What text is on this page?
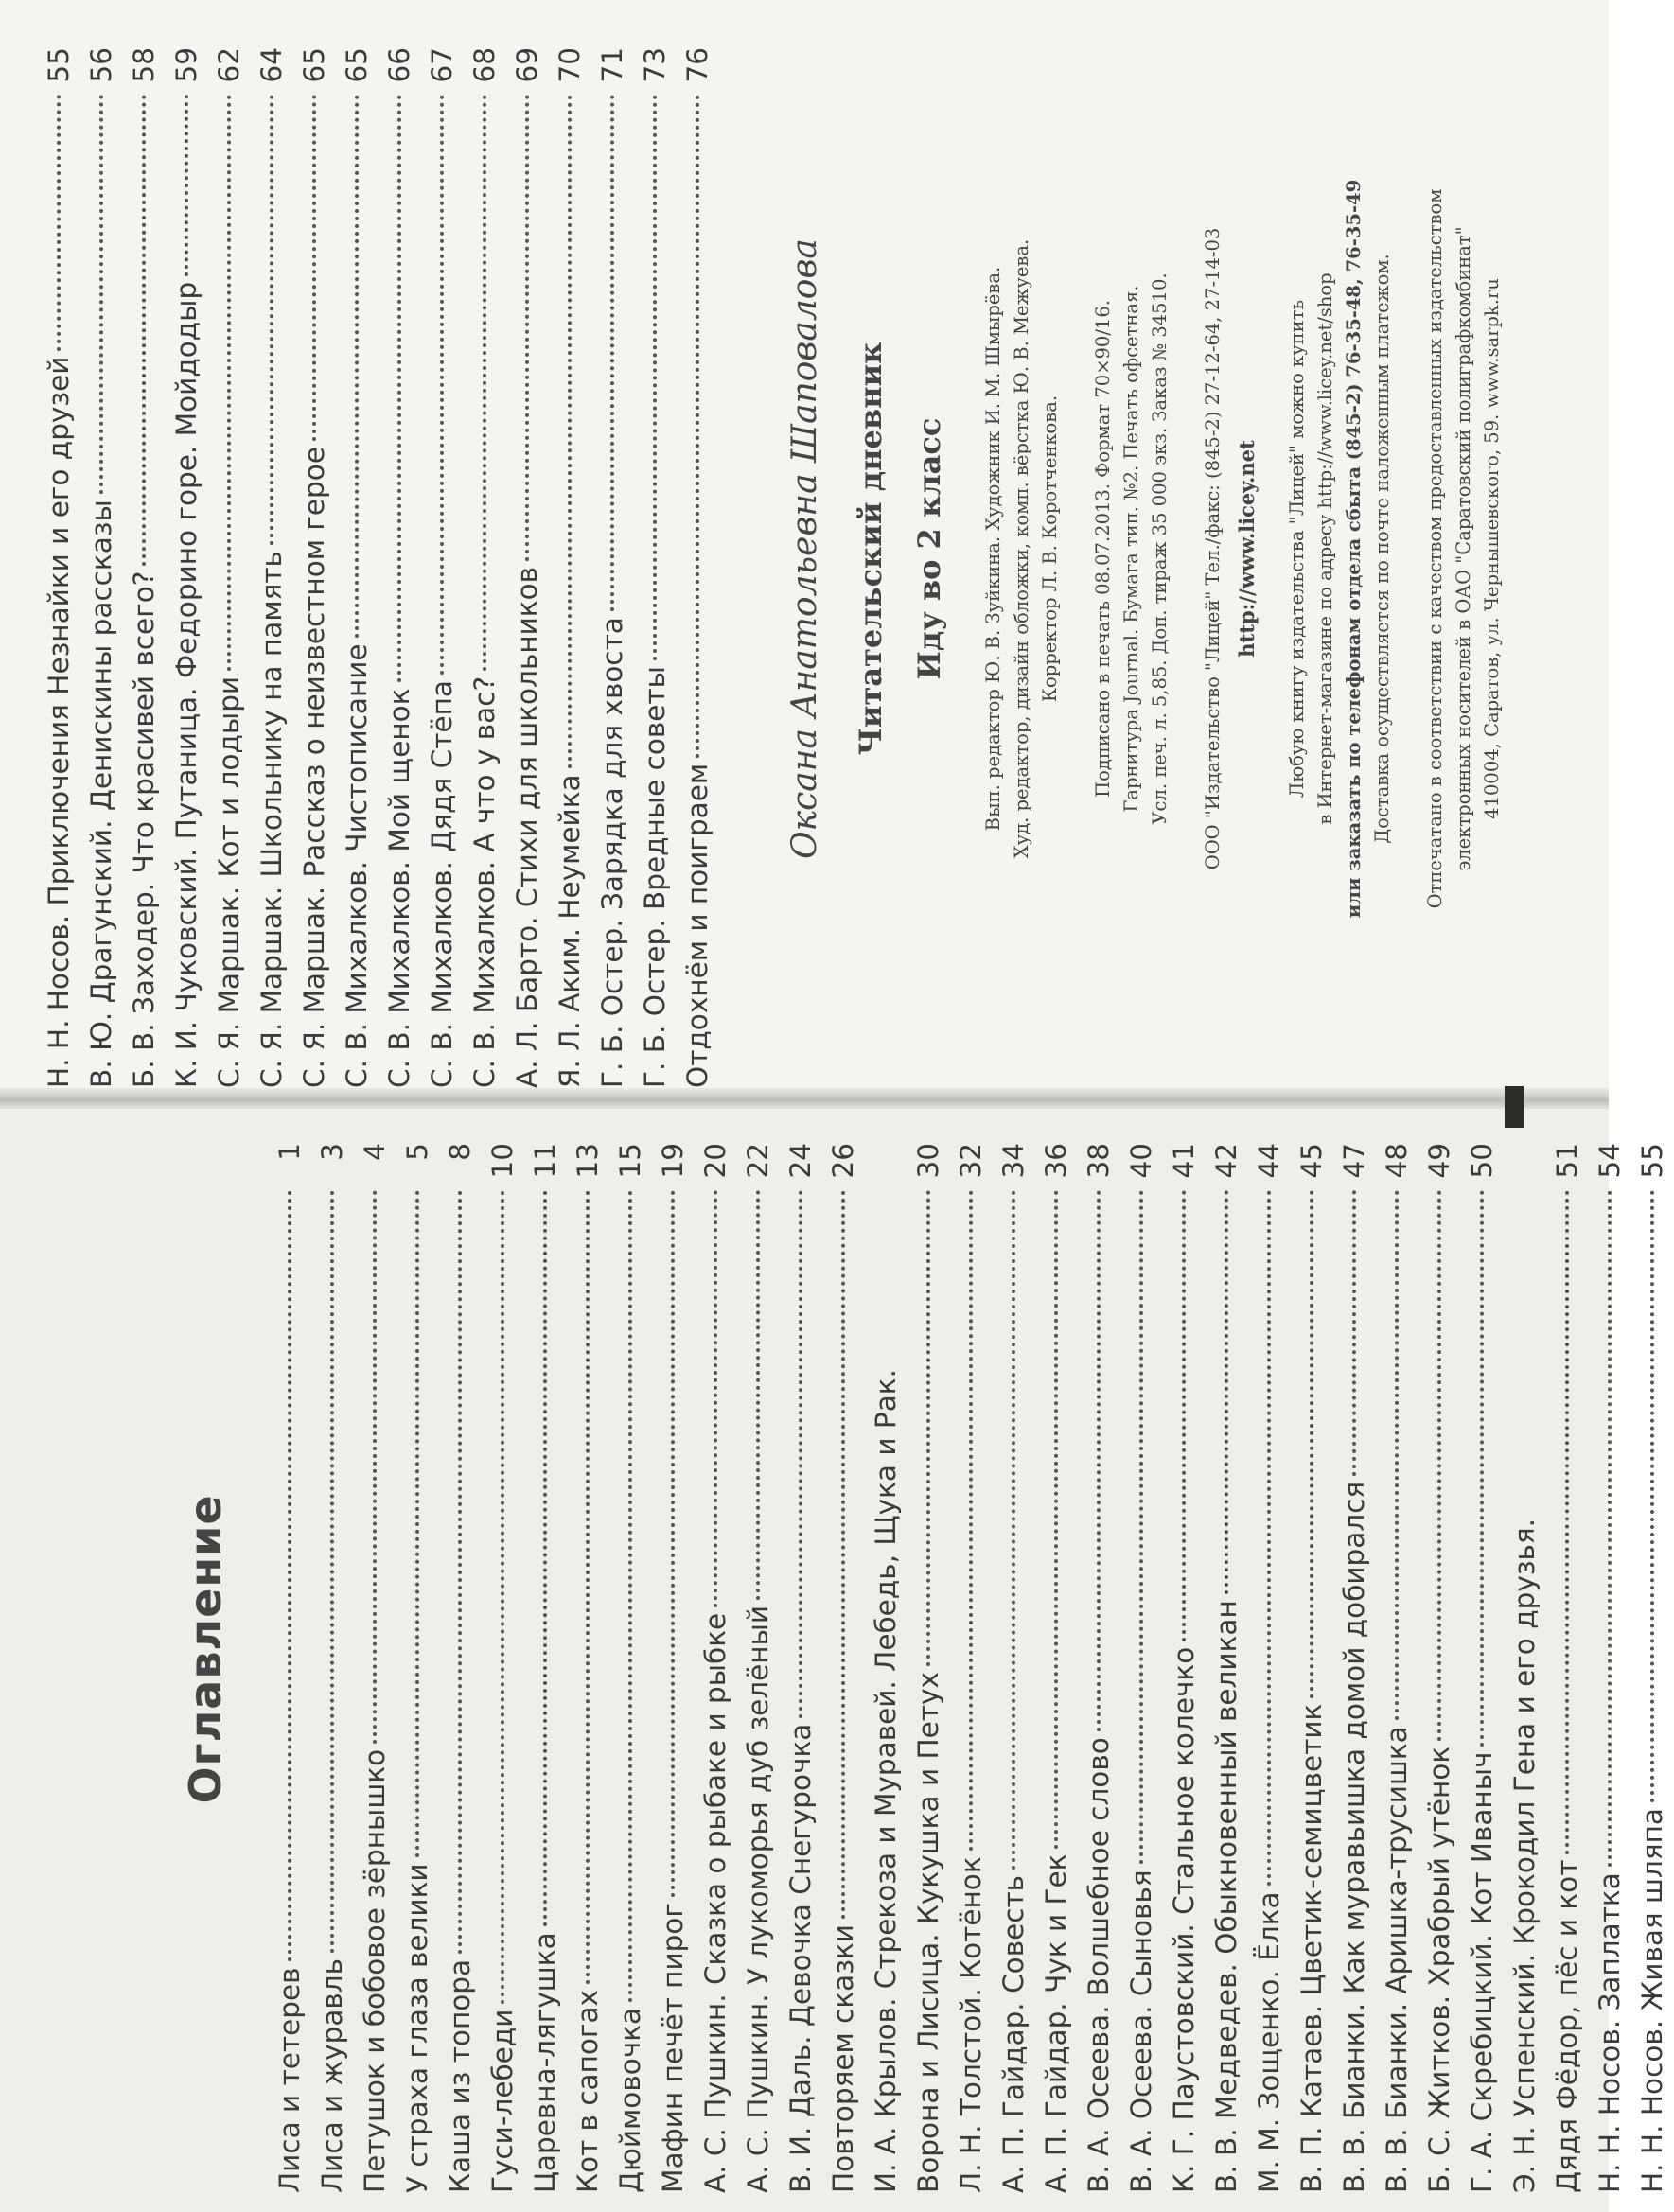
Оглавление
Лиса и тетерев
1
Лиса и журавль
3
Петушок и бобовое зёрнышко
4
У страха глаза велики
5
Каша из топора
8
Гуси-лебеди
10
Царевна-лягушка
11
Кот в сапогах
13
Дюймовочка
15
Мафин печёт пирог
19
А. С. Пушкин. Сказка о рыбаке и рыбке
20
А. С. Пушкин. У лукоморья дуб зелёный
22
В. И. Даль. Девочка Снегурочка
24
Повторяем сказки
26
И. А. Крылов. Стрекоза и Муравей. Лебедь, Щука и Рак. Ворона и Лисица. Кукушка и Петух
30
Л. Н. Толстой. Котёнок
32
А. П. Гайдар. Совесть
34
А. П. Гайдар. Чук и Гек
36
В. А. Осеева. Волшебное слово
38
В. А. Осеева. Сыновья
40
К. Г. Паустовский. Стальное колечко
41
В. В. Медведев. Обыкновенный великан
42
М. М. Зощенко. Ёлка
44
В. П. Катаев. Цветик-семицветик
45
В. В. Бианки. Как муравьишка домой добирался
47
В. В. Бианки. Аришка-трусишка
48
Б. С. Житков. Храбрый утёнок
49
Г. А. Скребицкий. Кот Иваныч
50
Э. Н. Успенский. Крокодил Гена и его друзья. Дядя Фёдор, пёс и кот
51
Н. Н. Носов. Заплатка
54
Н. Н. Носов. Живая шляпа
55
Н. Н. Носов. Приключения Незнайки и его друзей
55
В. Ю. Драгунский. Денискины рассказы
56
Б. В. Заходер. Что красивей всего?
58
К. И. Чуковский. Путаница. Федорино горе. Мойдодыр
59
С. Я. Маршак. Кот и лодыри
62
С. Я. Маршак. Школьнику на память
64
С. Я. Маршак. Рассказ о неизвестном герое
65
С. В. Михалков. Чистописание
65
С. В. Михалков. Мой щенок
66
С. В. Михалков. Дядя Стёпа
67
С. В. Михалков. А что у вас?
68
А. Л. Барто. Стихи для школьников
69
Я. Л. Аким. Неумейка
70
Г. Б. Остер. Зарядка для хвоста
71
Г. Б. Остер. Вредные советы
73
Отдохнём и поиграем
76
Оксана Анатольевна Шаповалова Читательский дневник Иду во 2 класс Вып. редактор Ю. В. Зуйкина. Художник И. М. Шмырёва. Худ. редактор, дизайн обложки, комп. вёрстка Ю. В. Межуева. Корректор Л. В. Коротченкова. Подписано в печать 08.07.2013. Формат 70×90/16. Гарнитура Journal. Бумага тип. №2. Печать офсетная. Усл. печ. л. 5,85. Доп. тираж 35 000 экз. Заказ № 34510. ООО "Издательство "Лицей" Тел./факс: (845-2) 27-12-64, 27-14-03 http://www.licey.net Любую книгу издательства "Лицей" можно купить в Интернет-магазине по адресу http://www.licey.net/shop или заказать по телефонам отдела сбыта (845-2) 76-35-48, 76-35-49 Доставка осуществляется по почте наложенным платежом. Отпечатано в соответствии с качеством предоставленных издательством электронных носителей в ОАО "Саратовский полиграфкомбинат" 410004, Саратов, ул. Чернышевского, 59. www.sarpk.ru
